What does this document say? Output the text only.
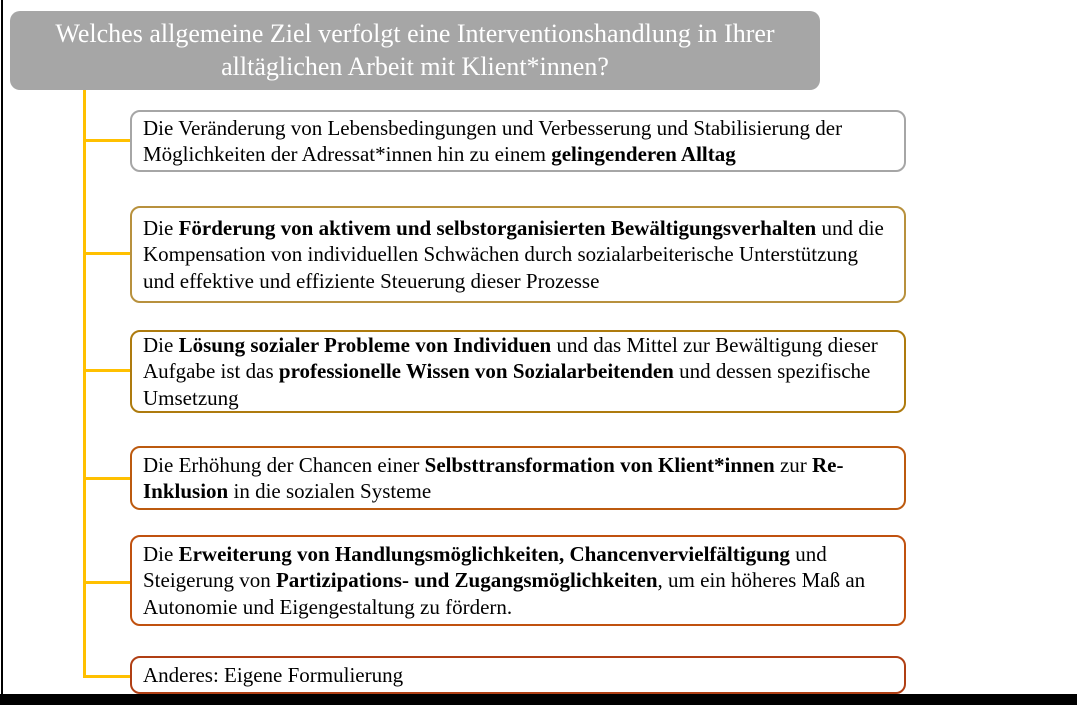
Welches allgemeine Ziel verfolgt eine Interventionshandlung in Ihrer alltäglichen Arbeit mit Klient*innen?

Die Veränderung von Lebensbedingungen und Verbesserung und Stabilisierung der Möglichkeiten der Adressat*innen hin zu einem gelingenderen Alltag

Die Förderung von aktivem und selbstorganisierten Bewältigungsverhalten und die Kompensation von individuellen Schwächen durch sozialarbeiterische Unterstützung und effektive und effiziente Steuerung dieser Prozesse

Die Lösung sozialer Probleme von Individuen und das Mittel zur Bewältigung dieser Aufgabe ist das professionelle Wissen von Sozialarbeitenden und dessen spezifische Umsetzung

Die Erhöhung der Chancen einer Selbsttransformation von Klient*innen zur Re-Inklusion in die sozialen Systeme

Die Erweiterung von Handlungsmöglichkeiten, Chancenvervielfältigung und Steigerung von Partizipations- und Zugangsmöglichkeiten, um ein höheres Maß an Autonomie und Eigengestaltung zu fördern.

Anderes: Eigene Formulierung
